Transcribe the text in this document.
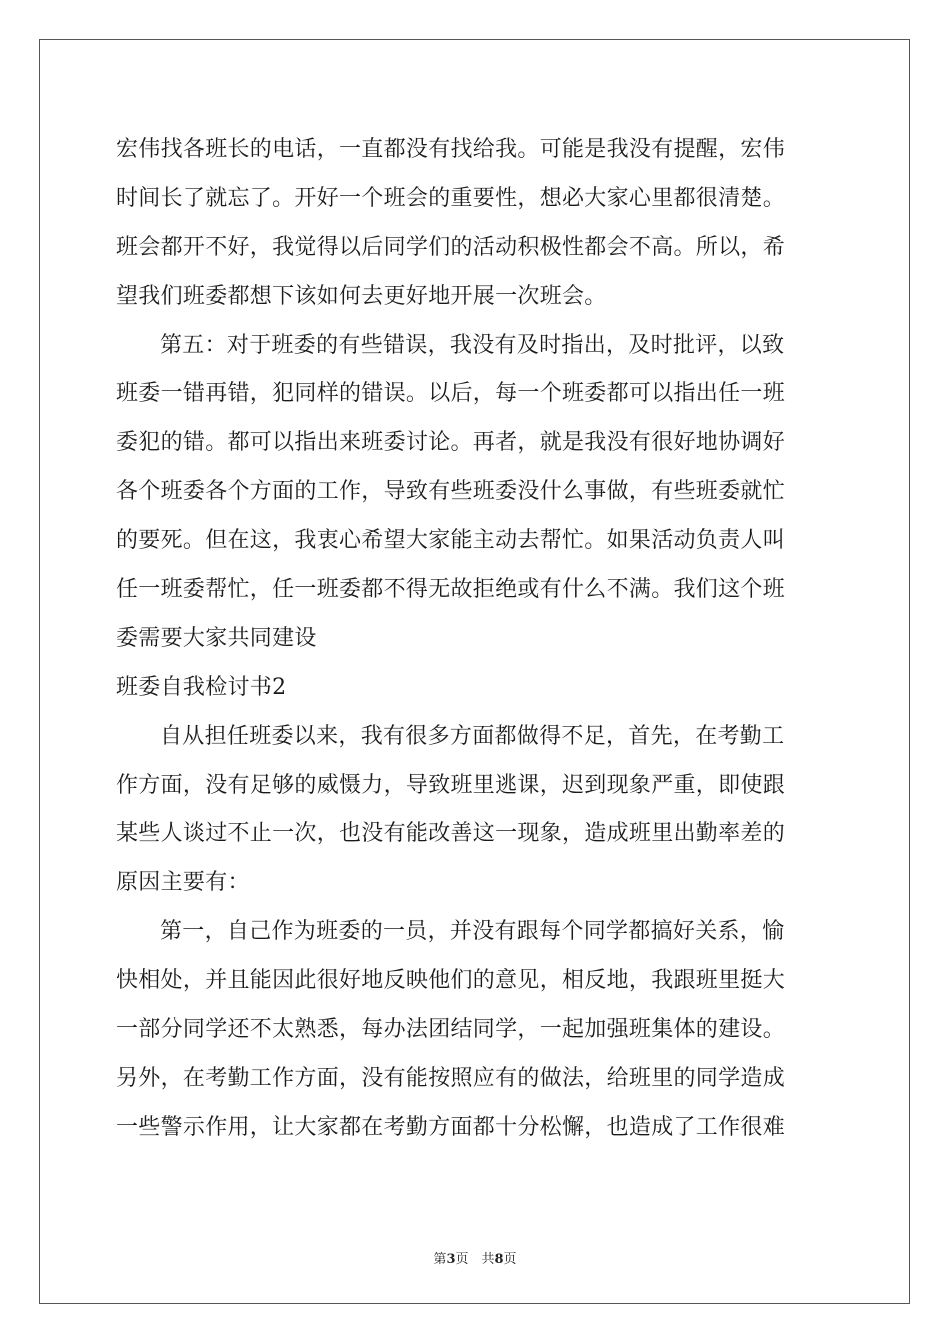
宏伟找各班长的电话，一直都没有找给我。可能是我没有提醒，宏伟
时间长了就忘了。开好一个班会的重要性，想必大家心里都很清楚。
班会都开不好，我觉得以后同学们的活动积极性都会不高。所以，希
望我们班委都想下该如何去更好地开展一次班会。
第五：对于班委的有些错误，我没有及时指出，及时批评，以致
班委一错再错，犯同样的错误。以后，每一个班委都可以指出任一班
委犯的错。都可以指出来班委讨论。再者，就是我没有很好地协调好
各个班委各个方面的工作，导致有些班委没什么事做，有些班委就忙
的要死。但在这，我衷心希望大家能主动去帮忙。如果活动负责人叫
任一班委帮忙，任一班委都不得无故拒绝或有什么不满。我们这个班
委需要大家共同建设
班委自我检讨书2
自从担任班委以来，我有很多方面都做得不足，首先，在考勤工
作方面，没有足够的威慑力，导致班里逃课，迟到现象严重，即使跟
某些人谈过不止一次，也没有能改善这一现象，造成班里出勤率差的
原因主要有：
第一，自己作为班委的一员，并没有跟每个同学都搞好关系，愉
快相处，并且能因此很好地反映他们的意见，相反地，我跟班里挺大
一部分同学还不太熟悉，每办法团结同学，一起加强班集体的建设。
另外，在考勤工作方面，没有能按照应有的做法，给班里的同学造成
一些警示作用，让大家都在考勤方面都十分松懈，也造成了工作很难
第3页　共8页
